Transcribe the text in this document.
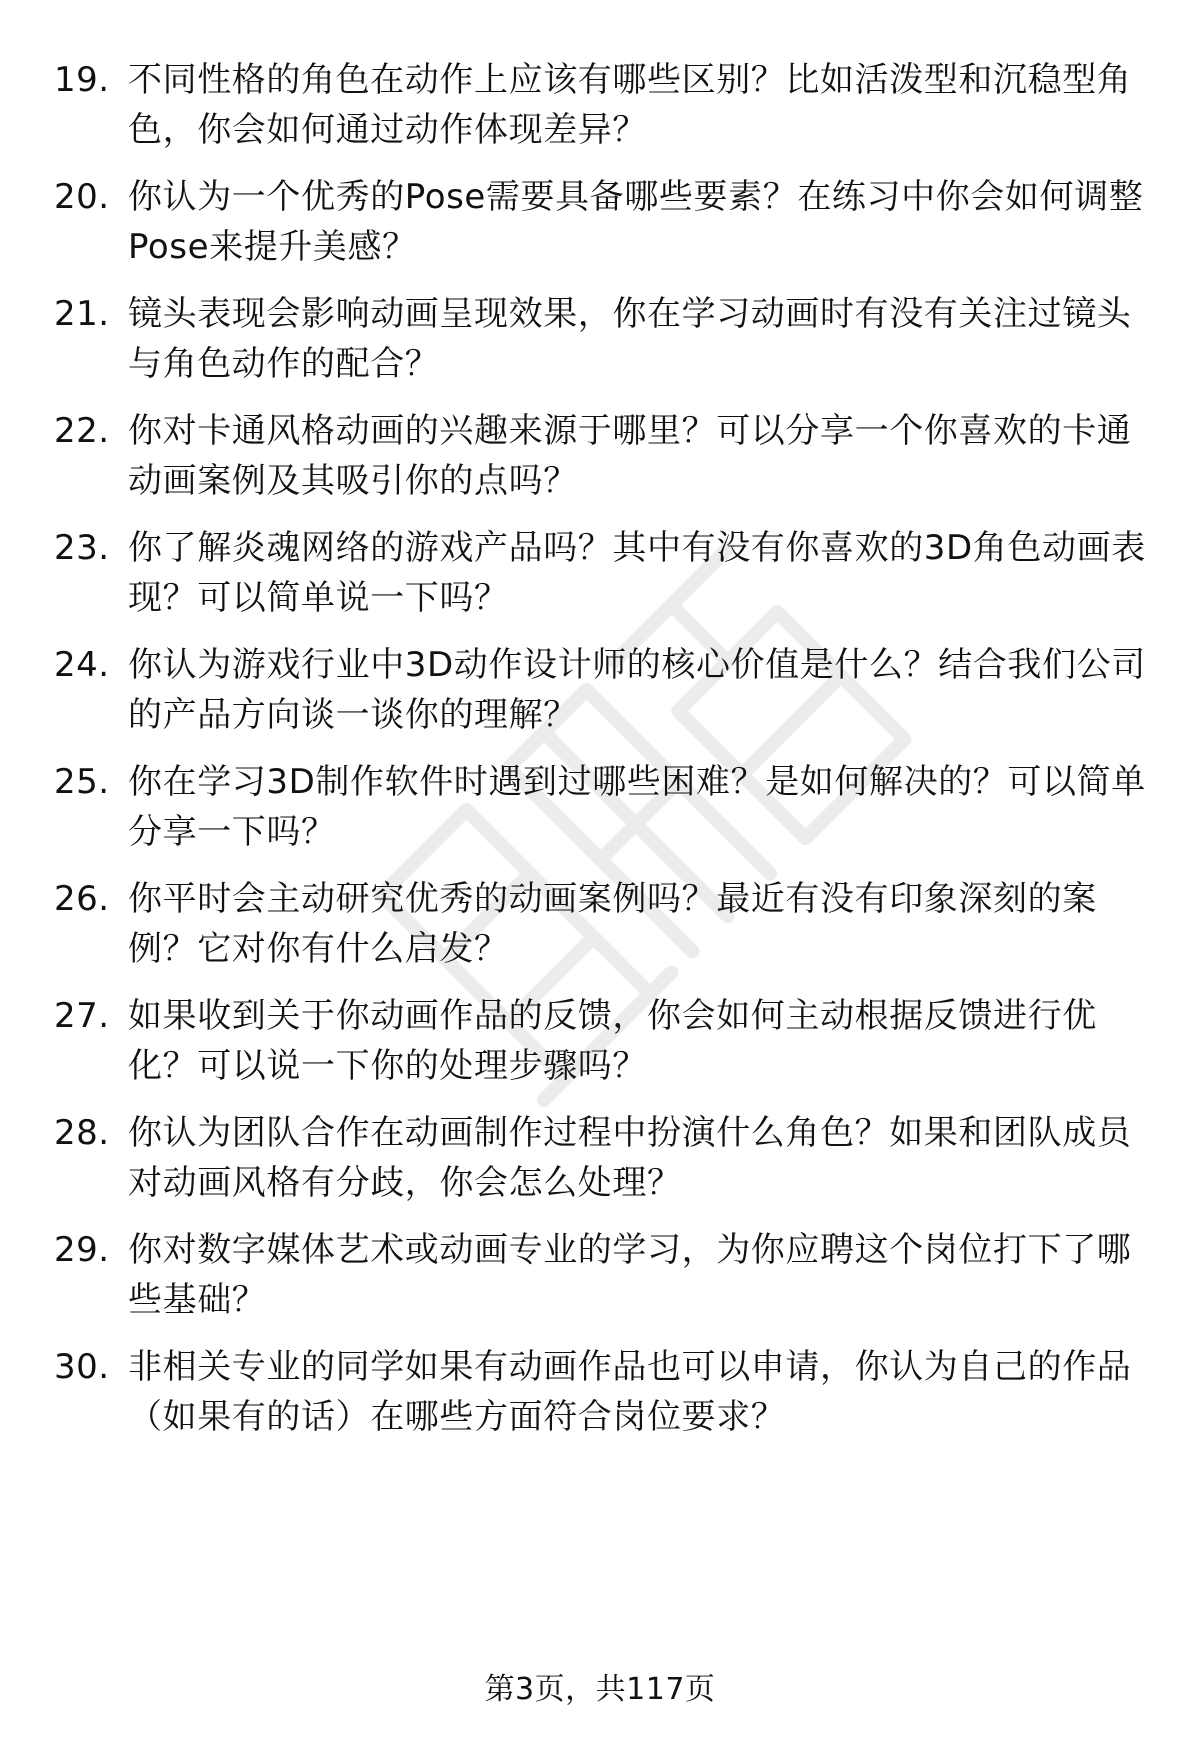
19. 不同性格的角色在动作上应该有哪些区别？比如活泼型和沉稳型角色，你会如何通过动作体现差异？
20. 你认为一个优秀的Pose需要具备哪些要素？在练习中你会如何调整Pose来提升美感？
21. 镜头表现会影响动画呈现效果，你在学习动画时有没有关注过镜头与角色动作的配合？
22. 你对卡通风格动画的兴趣来源于哪里？可以分享一个你喜欢的卡通动画案例及其吸引你的点吗？
23. 你了解炎魂网络的游戏产品吗？其中有没有你喜欢的3D角色动画表现？可以简单说一下吗？
24. 你认为游戏行业中3D动作设计师的核心价值是什么？结合我们公司的产品方向谈一谈你的理解？
25. 你在学习3D制作软件时遇到过哪些困难？是如何解决的？可以简单分享一下吗？
26. 你平时会主动研究优秀的动画案例吗？最近有没有印象深刻的案例？它对你有什么启发？
27. 如果收到关于你动画作品的反馈，你会如何主动根据反馈进行优化？可以说一下你的处理步骤吗？
28. 你认为团队合作在动画制作过程中扮演什么角色？如果和团队成员对动画风格有分歧，你会怎么处理？
29. 你对数字媒体艺术或动画专业的学习，为你应聘这个岗位打下了哪些基础？
30. 非相关专业的同学如果有动画作品也可以申请，你认为自己的作品（如果有的话）在哪些方面符合岗位要求？
第3页，共117页
